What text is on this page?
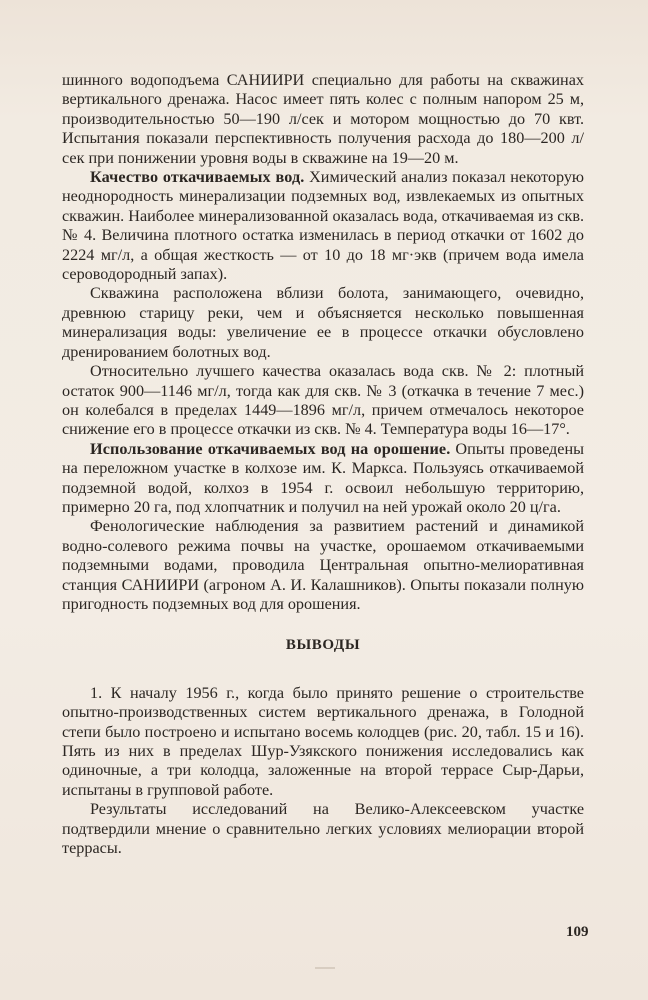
шинного водоподъема САНИИРИ специально для работы на скважинах вертикального дренажа. Насос имеет пять колес с полным напором 25 м, производительностью 50—190 л/сек и мотором мощностью до 70 квт. Испытания показали перспективность получения расхода до 180—200 л/сек при понижении уровня воды в скважине на 19—20 м.

Качество откачиваемых вод. Химический анализ показал некоторую неоднородность минерализации подземных вод, извлекаемых из опытных скважин. Наиболее минерализованной оказалась вода, откачиваемая из скв. № 4. Величина плотного остатка изменилась в период откачки от 1602 до 2224 мг/л, а общая жесткость — от 10 до 18 мг·экв (причем вода имела сероводородный запах).

Скважина расположена вблизи болота, занимающего, очевидно, древнюю старицу реки, чем и объясняется несколько повышенная минерализация воды: увеличение ее в процессе откачки обусловлено дренированием болотных вод.

Относительно лучшего качества оказалась вода скв. № 2: плотный остаток 900—1146 мг/л, тогда как для скв. № 3 (откачка в течение 7 мес.) он колебался в пределах 1449—1896 мг/л, причем отмечалось некоторое снижение его в процессе откачки из скв. № 4. Температура воды 16—17°.

Использование откачиваемых вод на орошение. Опыты проведены на переложном участке в колхозе им. К. Маркса. Пользуясь откачиваемой подземной водой, колхоз в 1954 г. освоил небольшую территорию, примерно 20 га, под хлопчатник и получил на ней урожай около 20 ц/га.

Фенологические наблюдения за развитием растений и динамикой водно-солевого режима почвы на участке, орошаемом откачиваемыми подземными водами, проводила Центральная опытно-мелиоративная станция САНИИРИ (агроном А. И. Калашников). Опыты показали полную пригодность подземных вод для орошения.

ВЫВОДЫ

1. К началу 1956 г., когда было принято решение о строительстве опытно-производственных систем вертикального дренажа, в Голодной степи было построено и испытано восемь колодцев (рис. 20, табл. 15 и 16). Пять из них в пределах Шур-Узякского понижения исследовались как одиночные, а три колодца, заложенные на второй террасе Сыр-Дарьи, испытаны в групповой работе.

Результаты исследований на Велико-Алексеевском участке подтвердили мнение о сравнительно легких условиях мелиорации второй террасы.

109
